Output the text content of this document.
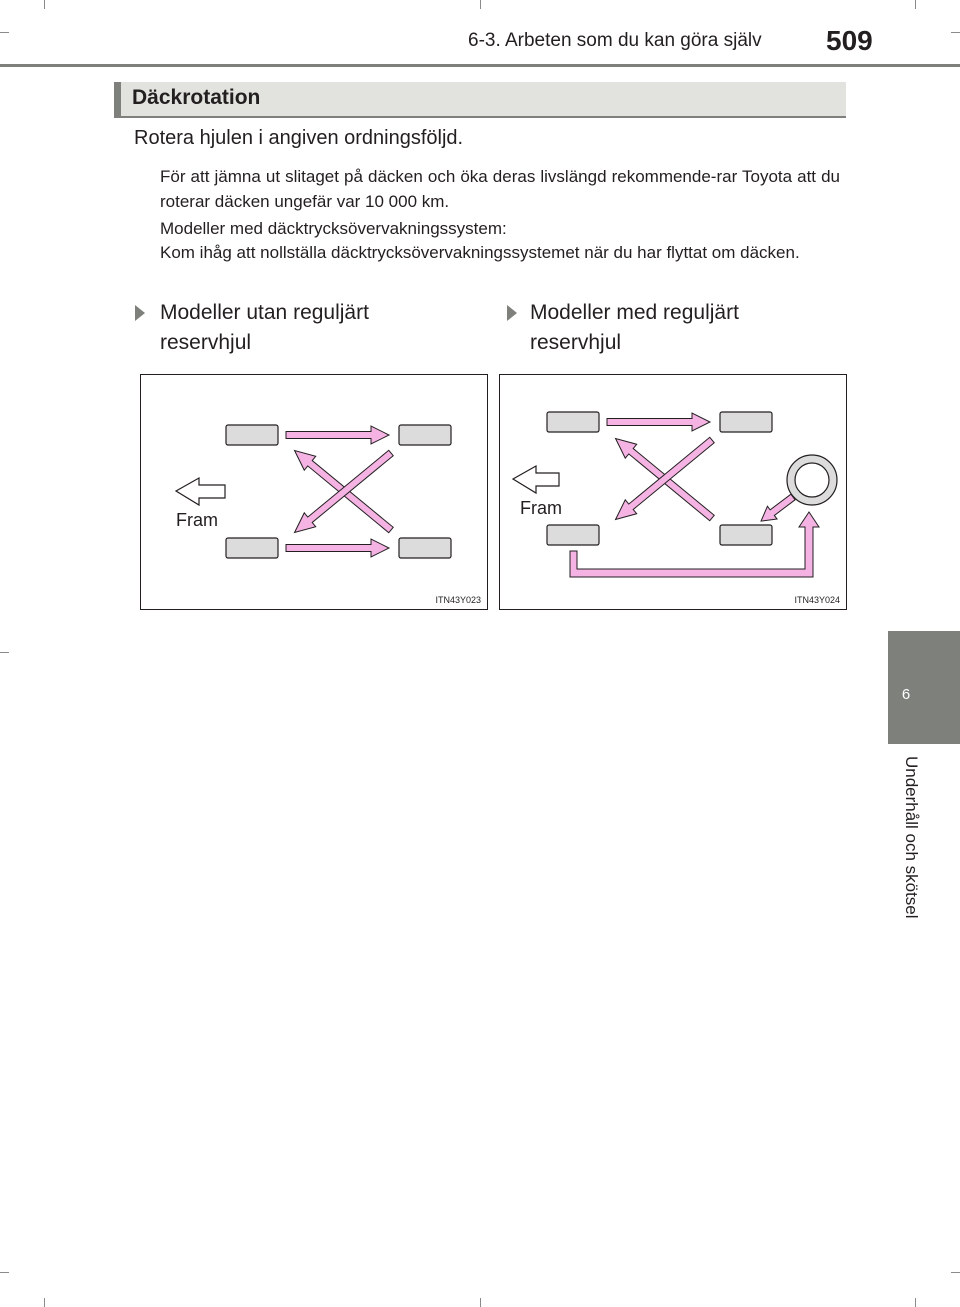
6-3. Arbeten som du kan göra själv 509
6
Underhåll och skötsel
Däckrotation
Rotera hjulen i angiven ordningsföljd.

För att jämna ut slitaget på däcken och öka deras livslängd rekommende-rar Toyota att du roterar däcken ungefär var 10 000 km.

Modeller med däcktrycksövervakningssystem:

Kom ihåg att nollställa däcktrycksövervakningssystemet när du har flyttat om däcken.

Modeller utan reguljärt
reservhjul
Modeller med reguljärt
reservhjul
Fram
ITN43Y023
Fram
ITN43Y024
